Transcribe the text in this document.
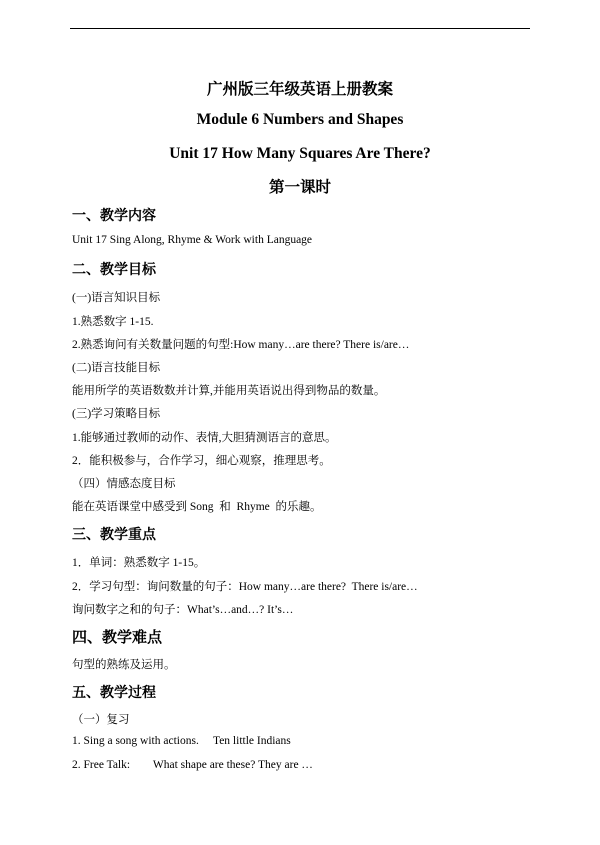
广州版三年级英语上册教案
Module 6 Numbers and Shapes
Unit 17 How Many Squares Are There?
第一课时
一、教学内容
Unit 17 Sing Along, Rhyme & Work with Language
二、教学目标
(一)语言知识目标
1.熟悉数字 1-15.
2.熟悉询问有关数量问题的句型:How many…are there? There is/are…
(二)语言技能目标
能用所学的英语数数并计算,并能用英语说出得到物品的数量。
(三)学习策略目标
1.能够通过教师的动作、表情,大胆猜测语言的意思。
2．能积极参与，合作学习，细心观察，推理思考。
（四）情感态度目标
能在英语课堂中感受到 Song  和  Rhyme  的乐趣。
三、教学重点
1．单词：熟悉数字 1-15。
2．学习句型：询问数量的句子：How many…are there?  There is/are…
询问数字之和的句子：What’s…and…? It’s…
四、教学难点
句型的熟练及运用。
五、教学过程
（一）复习
1. Sing a song with actions.     Ten little Indians
2. Free Talk:        What shape are these? They are …
